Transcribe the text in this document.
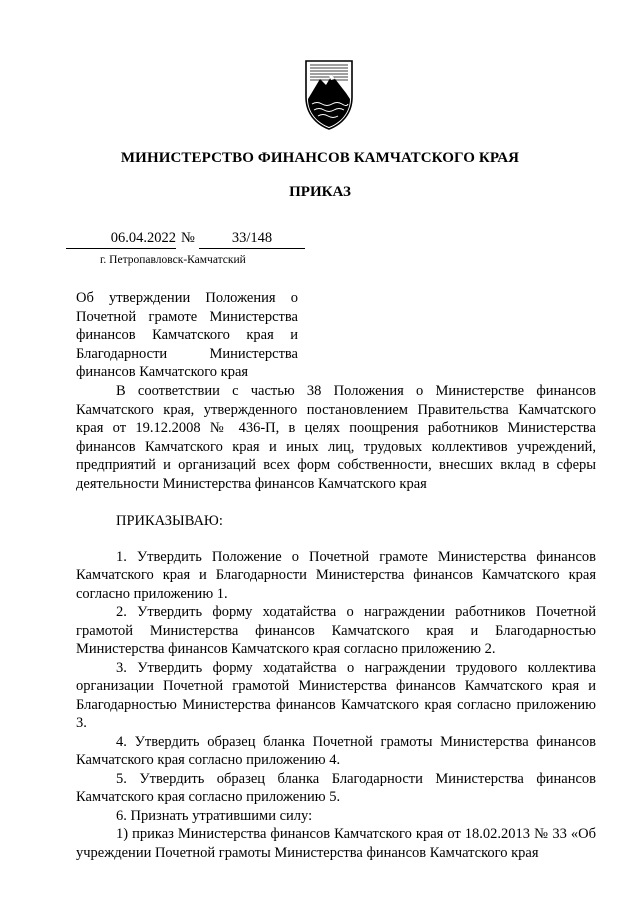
МИНИСТЕРСТВО ФИНАНСОВ КАМЧАТСКОГО КРАЯ
ПРИКАЗ
06.04.2022 №	33/148
г. Петропавловск-Камчатский
Об утверждении Положения о Почетной грамоте Министерства финансов Камчатского края и Благодарности Министерства финансов Камчатского края

В соответствии с частью 38 Положения о Министерстве финансов Камчатского края, утвержденного постановлением Правительства Камчатского края от 19.12.2008 № 436-П, в целях поощрения работников Министерства финансов Камчатского края и иных лиц, трудовых коллективов учреждений, предприятий и организаций всех форм собственности, внесших вклад в сферы деятельности Министерства финансов Камчатского края

ПРИКАЗЫВАЮ:

1. Утвердить Положение о Почетной грамоте Министерства финансов Камчатского края и Благодарности Министерства финансов Камчатского края согласно приложению 1.

2. Утвердить форму ходатайства о награждении работников Почетной грамотой Министерства финансов Камчатского края и Благодарностью Министерства финансов Камчатского края согласно приложению 2.

3. Утвердить форму ходатайства о награждении трудового коллектива организации Почетной грамотой Министерства финансов Камчатского края и Благодарностью Министерства финансов Камчатского края согласно приложению 3.

4. Утвердить образец бланка Почетной грамоты Министерства финансов Камчатского края согласно приложению 4.

5. Утвердить образец бланка Благодарности Министерства финансов Камчатского края согласно приложению 5.

6. Признать утратившими силу:

1) приказ Министерства финансов Камчатского края от 18.02.2013 № 33 «Об учреждении Почетной грамоты Министерства финансов Камчатского края
